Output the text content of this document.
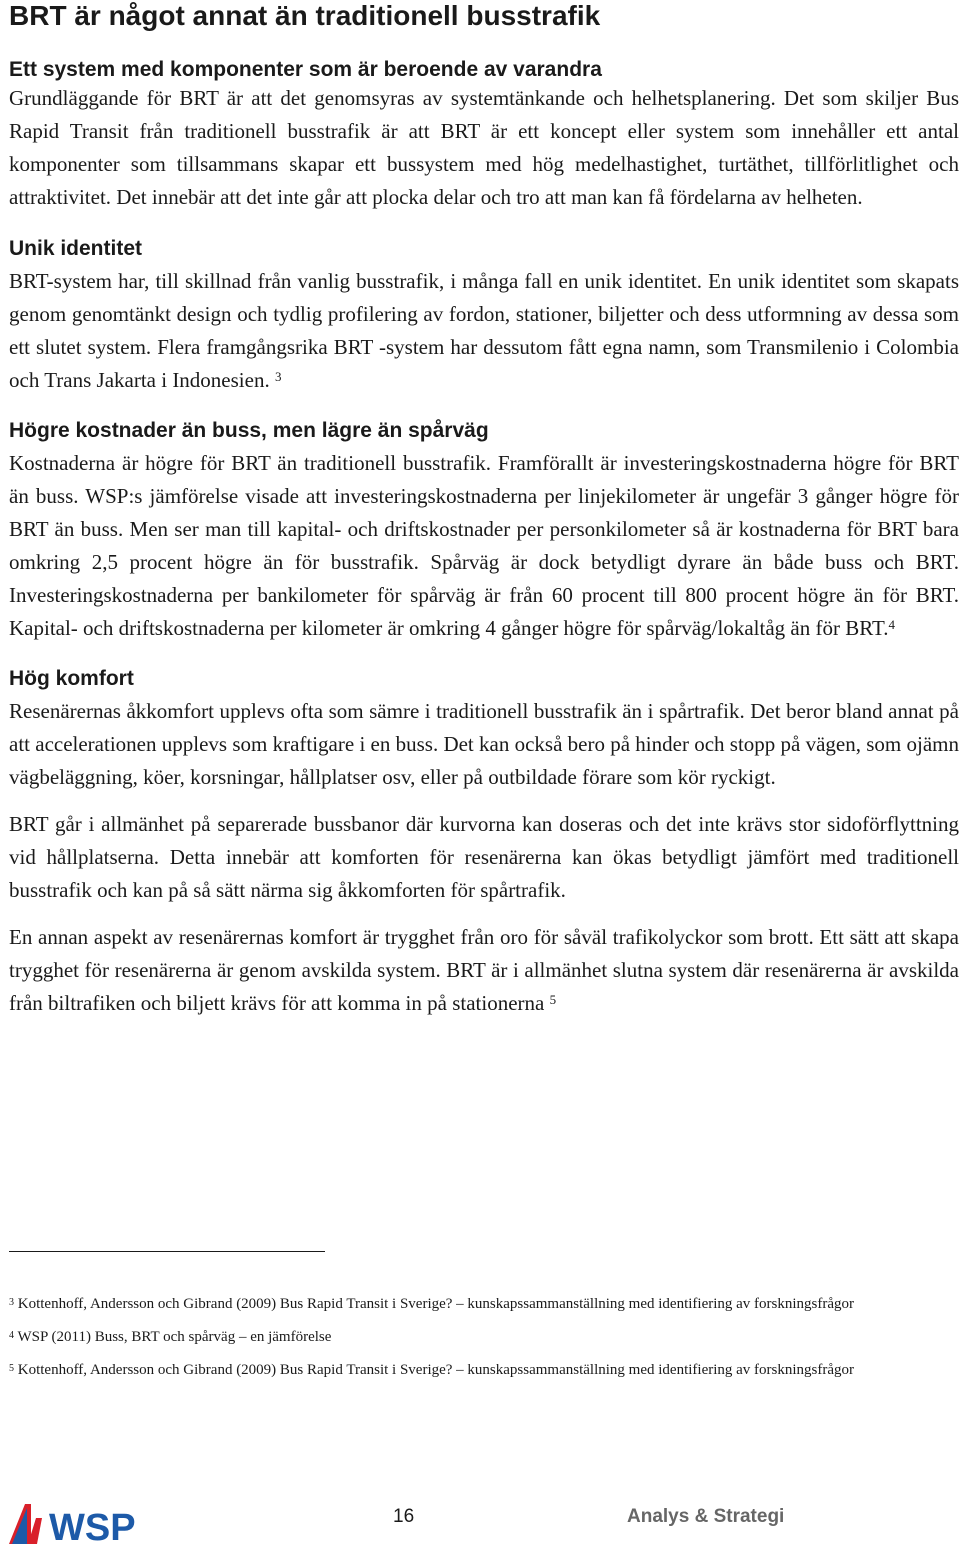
BRT är något annat än traditionell busstrafik
Ett system med komponenter som är beroende av varandra

Grundläggande för BRT är att det genomsyras av systemtänkande och helhetsplanering. Det som skiljer Bus Rapid Transit från traditionell busstrafik är att BRT är ett koncept eller system som innehåller ett antal komponenter som tillsammans skapar ett bussystem med hög medelhastighet, turtäthet, tillförlitlighet och attraktivitet. Det innebär att det inte går att plocka delar och tro att man kan få fördelarna av helheten.

Unik identitet

BRT-system har, till skillnad från vanlig busstrafik, i många fall en unik identitet. En unik identitet som skapats genom genomtänkt design och tydlig profilering av fordon, stationer, biljetter och dess utformning av dessa som ett slutet system. Flera framgångsrika BRT -system har dessutom fått egna namn, som Transmilenio i Colombia och Trans Jakarta i Indonesien. $^3$

Högre kostnader än buss, men lägre än spårväg

Kostnaderna är högre för BRT än traditionell busstrafik. Framförallt är investeringskostnaderna högre för BRT än buss. WSP:s jämförelse visade att investeringskostnaderna per linjekilometer är ungefär 3 gånger högre för BRT än buss. Men ser man till kapital- och driftskostnader per personkilometer så är kostnaderna för BRT bara omkring 2,5 procent högre än för busstrafik. Spårväg är dock betydligt dyrare än både buss och BRT. Investeringskostnaderna per bankilometer för spårväg är från 60 procent till 800 procent högre än för BRT. Kapital- och driftskostnaderna per kilometer är omkring 4 gånger högre för spårväg/lokaltåg än för BRT.$^4$

Hög komfort

Resenärernas åkkomfort upplevs ofta som sämre i traditionell busstrafik än i spårtrafik. Det beror bland annat på att accelerationen upplevs som kraftigare i en buss. Det kan också bero på hinder och stopp på vägen, som ojämn vägbeläggning, köer, korsningar, hållplatser osv, eller på outbildade förare som kör ryckigt.

BRT går i allmänhet på separerade bussbanor där kurvorna kan doseras och det inte krävs stor sidoförflyttning vid hållplatserna. Detta innebär att komforten för resenärerna kan ökas betydligt jämfört med traditionell busstrafik och kan på så sätt närma sig åkkomforten för spårtrafik.

En annan aspekt av resenärernas komfort är trygghet från oro för såväl trafikolyckor som brott. Ett sätt att skapa trygghet för resenärerna är genom avskilda system. BRT är i allmänhet slutna system där resenärerna är avskilda från biltrafiken och biljett krävs för att komma in på stationerna $^5$

$^3$ Kottenhoff, Andersson och Gibrand (2009) Bus Rapid Transit i Sverige? – kunskapssammanställning med identifiering av forskningsfrågor

$^4$ WSP (2011) Buss, BRT och spårväg – en jämförelse

$^5$ Kottenhoff, Andersson och Gibrand (2009) Bus Rapid Transit i Sverige? – kunskapssammanställning med identifiering av forskningsfrågor

WSP	16	Analys & Strategi
